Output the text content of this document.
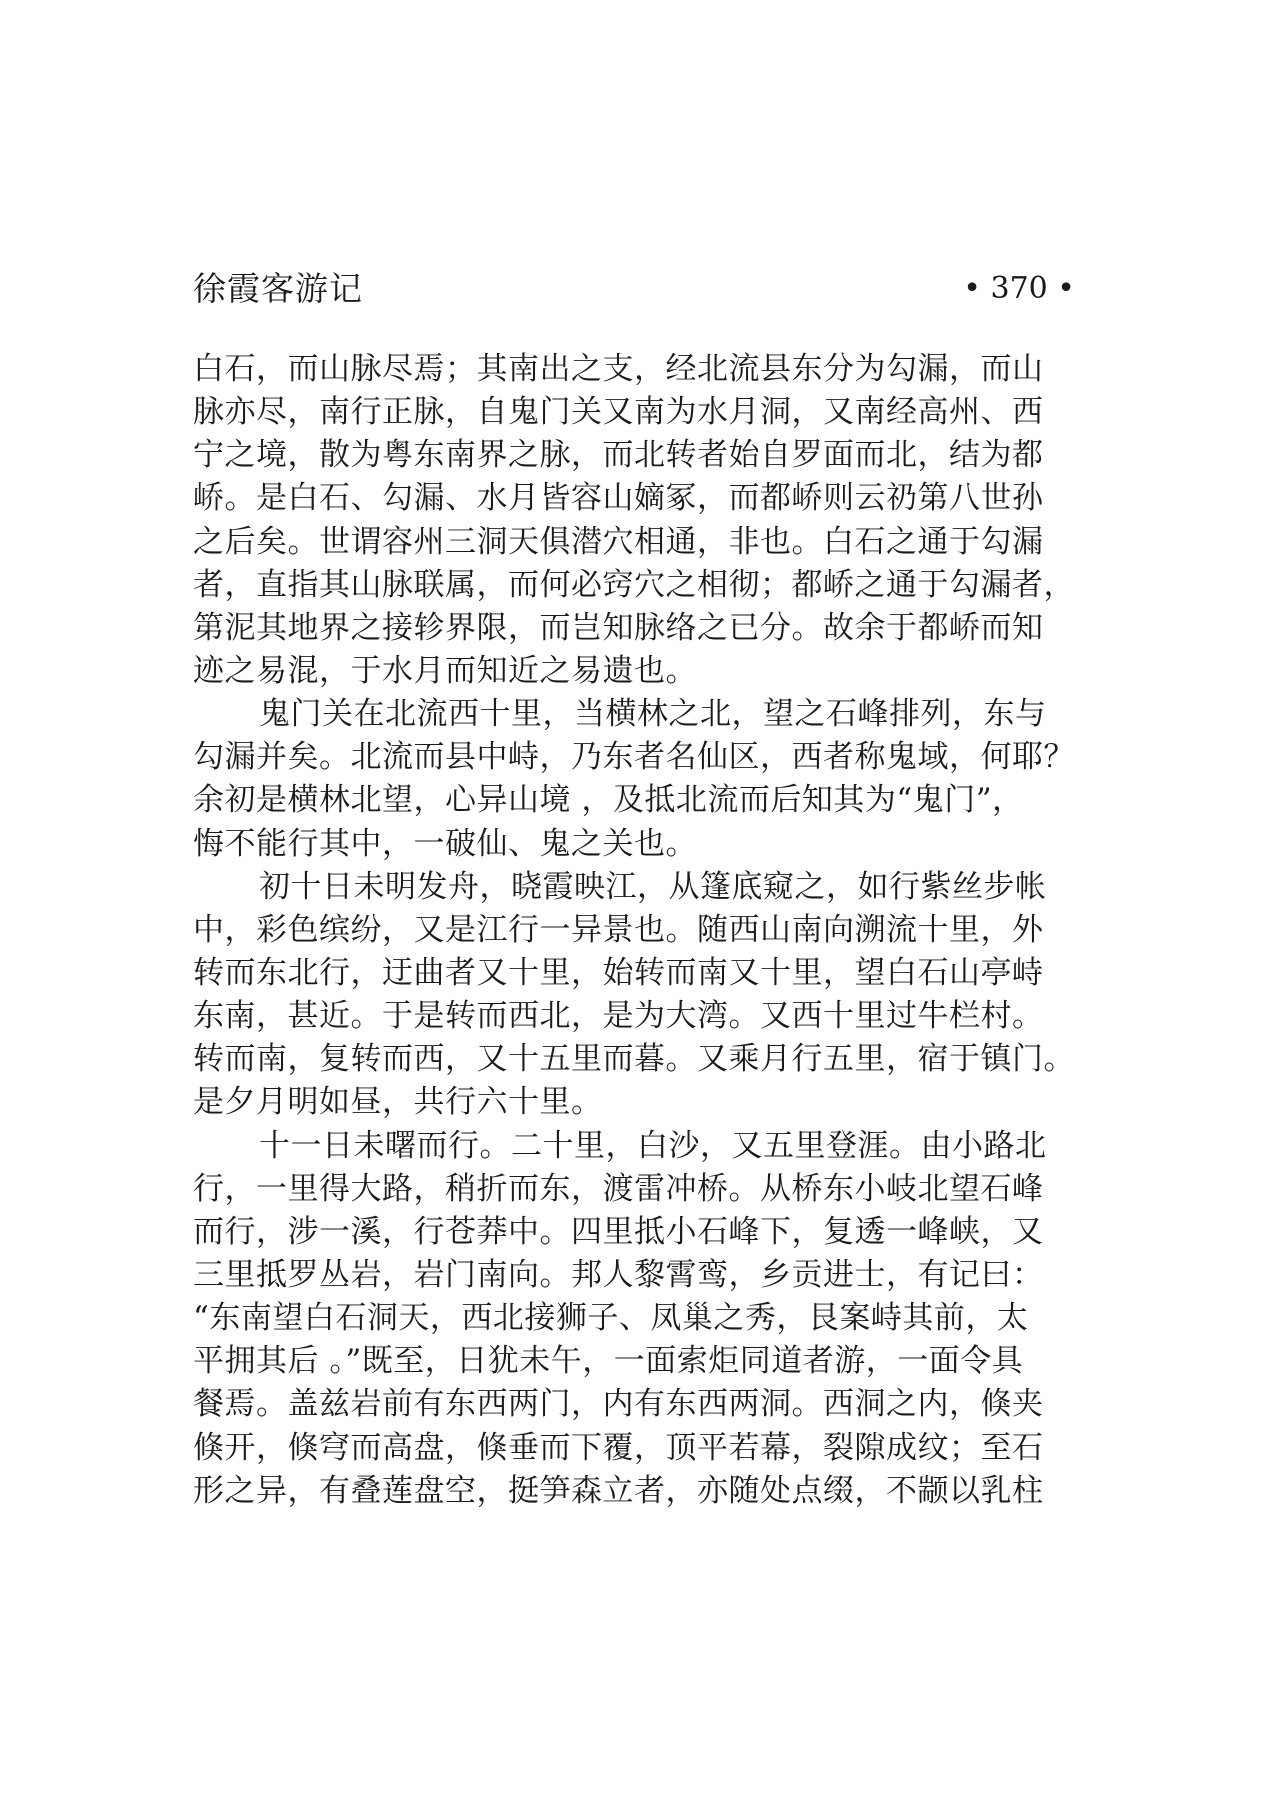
徐霞客游记	• 370 •
白石，而山脉尽焉；其南出之支，经北流县东分为勾漏，而山
脉亦尽，南行正脉，自鬼门关又南为水月洞，又南经高州、西
宁之境，散为粤东南界之脉，而北转者始自罗面而北，结为都
峤。是白石、勾漏、水月皆容山嫡冢，而都峤则云礽第八世孙
之后矣。世谓容州三洞天俱潜穴相通，非也。白石之通于勾漏
者，直指其山脉联属，而何必窍穴之相彻；都峤之通于勾漏者，
第泥其地界之接轸界限，而岂知脉络之已分。故余于都峤而知
迹之易混，于水月而知近之易遗也。
鬼门关在北流西十里，当横林之北，望之石峰排列，东与
勾漏并矣。北流而县中峙，乃东者名仙区，西者称鬼域，何耶？
余初是横林北望，心异山境 ，及抵北流而后知其为“鬼门”，
悔不能行其中，一破仙、鬼之关也。
初十日未明发舟，晓霞映江，从篷底窥之，如行紫丝步帐
中，彩色缤纷，又是江行一异景也。随西山南向溯流十里，外
转而东北行，迂曲者又十里，始转而南又十里，望白石山亭峙
东南，甚近。于是转而西北，是为大湾。又西十里过牛栏村。
转而南，复转而西，又十五里而暮。又乘月行五里，宿于镇门。
是夕月明如昼，共行六十里。
十一日未曙而行。二十里，白沙，又五里登涯。由小路北
行，一里得大路，稍折而东，渡雷冲桥。从桥东小岐北望石峰
而行，涉一溪，行苍莽中。四里抵小石峰下，复透一峰峡，又
三里抵罗丛岩，岩门南向。邦人黎霄鸾，乡贡进士，有记曰：
“东南望白石洞天，西北接狮子、凤巢之秀，艮案峙其前，太
平拥其后 。”既至，日犹未午，一面索炬同道者游，一面令具
餐焉。盖兹岩前有东西两门，内有东西两洞。西洞之内，倏夹
倏开，倏穹而高盘，倏垂而下覆，顶平若幕，裂隙成纹；至石
形之异，有叠莲盘空，挺笋森立者，亦随处点缀，不颛以乳柱
